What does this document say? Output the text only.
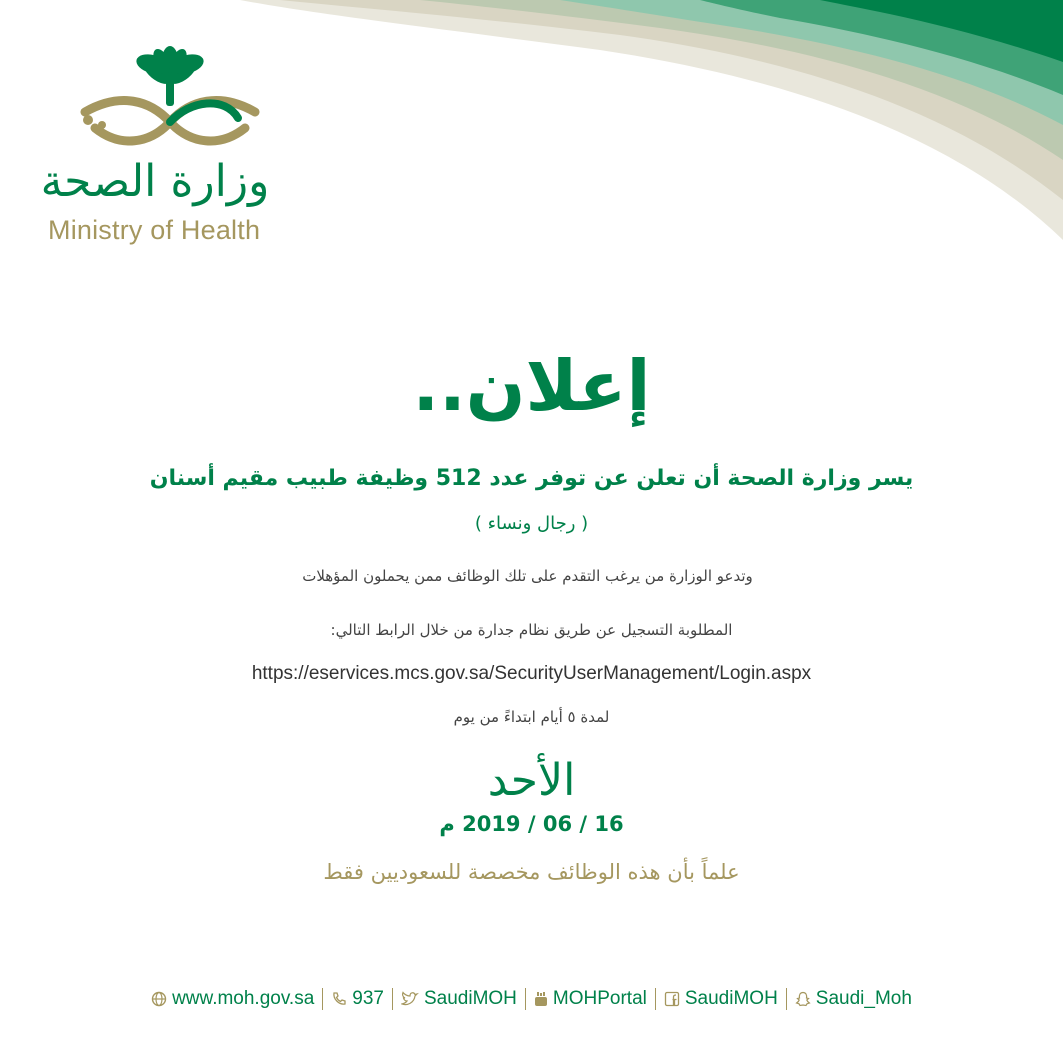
وزارة الصحة
Ministry of Health
إعلان..
يسر وزارة الصحة أن تعلن عن توفر عدد 512 وظيفة طبيب مقيم أسنان
( رجال ونساء )
وتدعو الوزارة من يرغب التقدم على تلك الوظائف ممن يحملون المؤهلات
المطلوبة التسجيل عن طريق نظام جدارة من خلال الرابط التالي:
https://eservices.mcs.gov.sa/SecurityUserManagement/Login.aspx
لمدة ٥ أيام ابتداءً من يوم
الأحد
16 / 06 / 2019 م
علماً بأن هذه الوظائف مخصصة للسعوديين فقط
www.moh.gov.sa 937 SaudiMOH MOHPortal SaudiMOH Saudi_Moh
